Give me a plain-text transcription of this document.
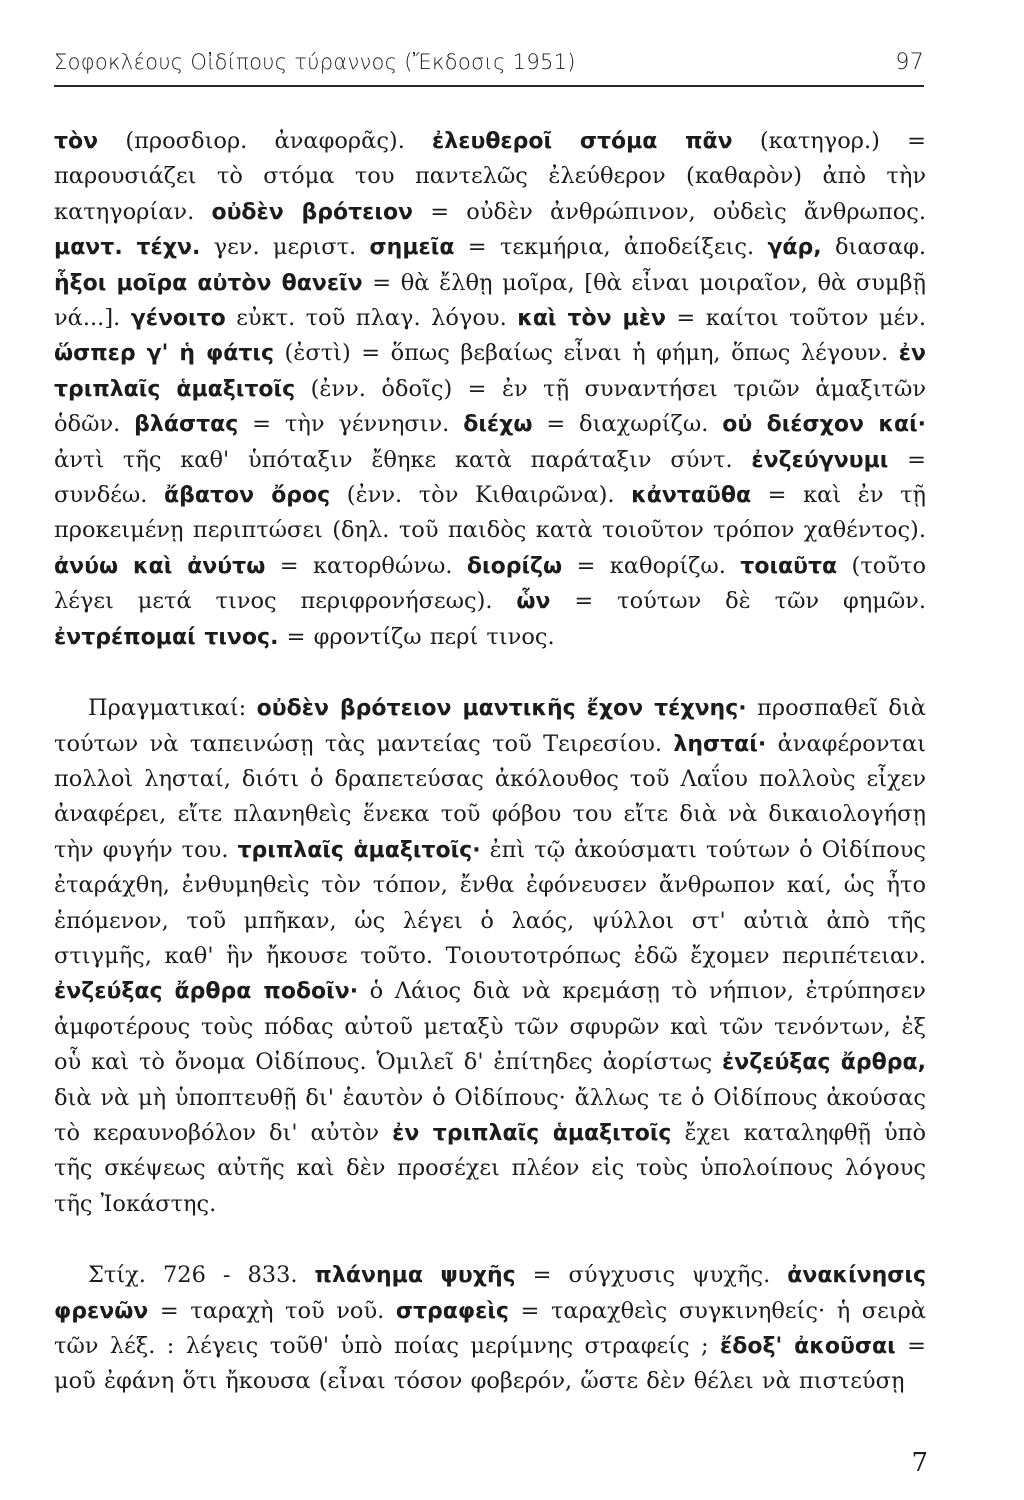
Σοφοκλέους Οἰδίπους τύραννος (Ἔκδοσις 1951)	97

τὸν (προσδιορ. ἀναφορᾶς). ἐλευθεροῖ στόμα πᾶν (κατηγορ.) = παρουσιάζει τὸ στόμα του παντελῶς ἐλεύθερον (καθαρὸν) ἀπὸ τὴν κατηγορίαν. οὐδὲν βρότειον = οὐδὲν ἀνθρώπινον, οὐδεὶς ἄνθρωπος. μαντ. τέχν. γεν. μεριστ. σημεῖα = τεκμήρια, ἀποδείξεις. γάρ, διασαφ. ἧξοι μοῖρα αὐτὸν θανεῖν = θὰ ἔλθῃ μοῖρα, [θὰ εἶναι μοιραῖον, θὰ συμβῇ νά...]. γένοιτο εὐκτ. τοῦ πλαγ. λόγου. καὶ τὸν μὲν = καίτοι τοῦτον μέν. ὥσπερ γ' ἡ φάτις (ἐστὶ) = ὅπως βεβαίως εἶναι ἡ φήμη, ὅπως λέγουν. ἐν τριπλαῖς ἁμαξιτοῖς (ἐνν. ὁδοῖς) = ἐν τῇ συναντήσει τριῶν ἁμαξιτῶν ὁδῶν. βλάστας = τὴν γέννησιν. διέχω = διαχωρίζω. οὐ διέσχον καί· ἀντὶ τῆς καθ' ὑπόταξιν ἔθηκε κατὰ παράταξιν σύντ. ἐνζεύγνυμι = συνδέω. ἄβατον ὄρος (ἐνν. τὸν Κιθαιρῶνα). κἀνταῦθα = καὶ ἐν τῇ προκειμένῃ περιπτώσει (δηλ. τοῦ παιδὸς κατὰ τοιοῦτον τρόπον χαθέντος). ἀνύω καὶ ἀνύτω = κατορθώνω. διορίζω = καθορίζω. τοιαῦτα (τοῦτο λέγει μετά τινος περιφρονήσεως). ὧν = τούτων δὲ τῶν φημῶν. ἐντρέπομαί τινος. = φροντίζω περί τινος.

Πραγματικαί: οὐδὲν βρότειον μαντικῆς ἔχον τέχνης· προσπαθεῖ διὰ τούτων νὰ ταπεινώσῃ τὰς μαντείας τοῦ Τειρεσίου. λησταί· ἀναφέρονται πολλοὶ λησταί, διότι ὁ δραπετεύσας ἀκόλουθος τοῦ Λαΐου πολλοὺς εἶχεν ἀναφέρει, εἴτε πλανηθεὶς ἕνεκα τοῦ φόβου του εἴτε διὰ νὰ δικαιολογήσῃ τὴν φυγήν του. τριπλαῖς ἁμαξιτοῖς· ἐπὶ τῷ ἀκούσματι τούτων ὁ Οἰδίπους ἐταράχθη, ἐνθυμηθεὶς τὸν τόπον, ἔνθα ἐφόνευσεν ἄνθρωπον καί, ὡς ἦτο ἑπόμενον, τοῦ μπῆκαν, ὡς λέγει ὁ λαός, ψύλλοι στ' αὐτιὰ ἀπὸ τῆς στιγμῆς, καθ' ἣν ἤκουσε τοῦτο. Τοιουτοτρόπως ἐδῶ ἔχομεν περιπέτειαν. ἐνζεύξας ἄρθρα ποδοῖν· ὁ Λάιος διὰ νὰ κρεμάσῃ τὸ νήπιον, ἐτρύπησεν ἀμφοτέρους τοὺς πόδας αὐτοῦ μεταξὺ τῶν σφυρῶν καὶ τῶν τενόντων, ἐξ οὗ καὶ τὸ ὄνομα Οἰδίπους. Ὁμιλεῖ δ' ἐπίτηδες ἀορίστως ἐνζεύξας ἄρθρα, διὰ νὰ μὴ ὑποπτευθῇ δι' ἑαυτὸν ὁ Οἰδίπους· ἄλλως τε ὁ Οἰδίπους ἀκούσας τὸ κεραυνοβόλον δι' αὐτὸν ἐν τριπλαῖς ἁμαξιτοῖς ἔχει καταληφθῇ ὑπὸ τῆς σκέψεως αὐτῆς καὶ δὲν προσέχει πλέον εἰς τοὺς ὑπολοίπους λόγους τῆς Ἰοκάστης.

Στίχ. 726 - 833. πλάνημα ψυχῆς = σύγχυσις ψυχῆς. ἀνακίνησις φρενῶν = ταραχὴ τοῦ νοῦ. στραφεὶς = ταραχθεὶς συγκινηθείς· ἡ σειρὰ τῶν λέξ. : λέγεις τοῦθ' ὑπὸ ποίας μερίμνης στραφείς ; ἔδοξ' ἀκοῦσαι = μοῦ ἐφάνη ὅτι ἤκουσα (εἶναι τόσον φοβερόν, ὥστε δὲν θέλει νὰ πιστεύσῃ

7
